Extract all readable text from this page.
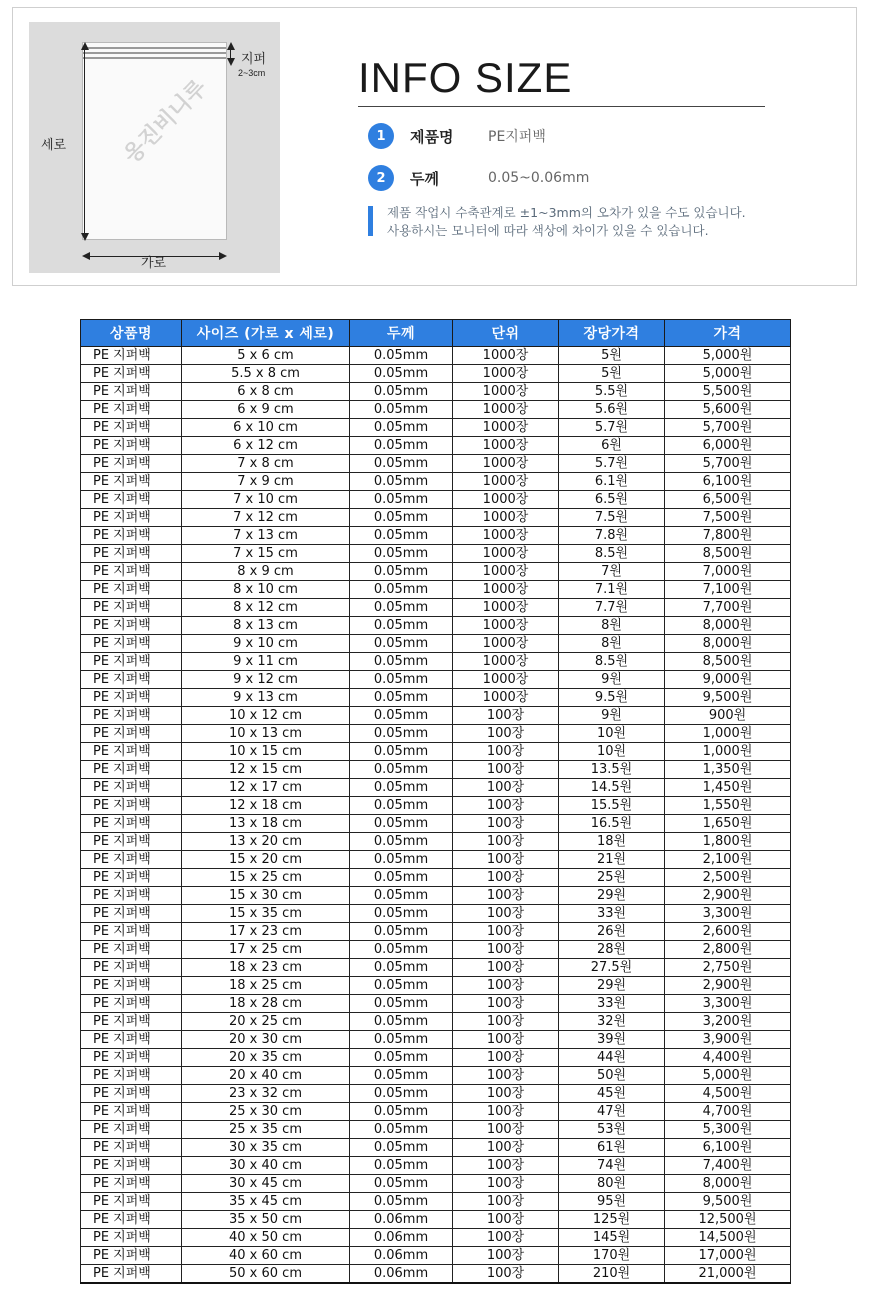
옹진비니루
지퍼
2~3cm
세로
가로
INFO SIZE
1	제품명	PE지퍼백
2	두께	0.05~0.06mm
제품 작업시 수축관계로 ±1~3mm의 오차가 있을 수도 있습니다.
사용하시는 모니터에 따라 색상에 차이가 있을 수 있습니다.
상품명	사이즈 (가로 x 세로)	두께	단위	장당가격	가격
PE 지퍼백	5 x 6 cm	0.05mm	1000장	5원	5,000원
PE 지퍼백	5.5 x 8 cm	0.05mm	1000장	5원	5,000원
PE 지퍼백	6 x 8 cm	0.05mm	1000장	5.5원	5,500원
PE 지퍼백	6 x 9 cm	0.05mm	1000장	5.6원	5,600원
PE 지퍼백	6 x 10 cm	0.05mm	1000장	5.7원	5,700원
PE 지퍼백	6 x 12 cm	0.05mm	1000장	6원	6,000원
PE 지퍼백	7 x 8 cm	0.05mm	1000장	5.7원	5,700원
PE 지퍼백	7 x 9 cm	0.05mm	1000장	6.1원	6,100원
PE 지퍼백	7 x 10 cm	0.05mm	1000장	6.5원	6,500원
PE 지퍼백	7 x 12 cm	0.05mm	1000장	7.5원	7,500원
PE 지퍼백	7 x 13 cm	0.05mm	1000장	7.8원	7,800원
PE 지퍼백	7 x 15 cm	0.05mm	1000장	8.5원	8,500원
PE 지퍼백	8 x 9 cm	0.05mm	1000장	7원	7,000원
PE 지퍼백	8 x 10 cm	0.05mm	1000장	7.1원	7,100원
PE 지퍼백	8 x 12 cm	0.05mm	1000장	7.7원	7,700원
PE 지퍼백	8 x 13 cm	0.05mm	1000장	8원	8,000원
PE 지퍼백	9 x 10 cm	0.05mm	1000장	8원	8,000원
PE 지퍼백	9 x 11 cm	0.05mm	1000장	8.5원	8,500원
PE 지퍼백	9 x 12 cm	0.05mm	1000장	9원	9,000원
PE 지퍼백	9 x 13 cm	0.05mm	1000장	9.5원	9,500원
PE 지퍼백	10 x 12 cm	0.05mm	100장	9원	900원
PE 지퍼백	10 x 13 cm	0.05mm	100장	10원	1,000원
PE 지퍼백	10 x 15 cm	0.05mm	100장	10원	1,000원
PE 지퍼백	12 x 15 cm	0.05mm	100장	13.5원	1,350원
PE 지퍼백	12 x 17 cm	0.05mm	100장	14.5원	1,450원
PE 지퍼백	12 x 18 cm	0.05mm	100장	15.5원	1,550원
PE 지퍼백	13 x 18 cm	0.05mm	100장	16.5원	1,650원
PE 지퍼백	13 x 20 cm	0.05mm	100장	18원	1,800원
PE 지퍼백	15 x 20 cm	0.05mm	100장	21원	2,100원
PE 지퍼백	15 x 25 cm	0.05mm	100장	25원	2,500원
PE 지퍼백	15 x 30 cm	0.05mm	100장	29원	2,900원
PE 지퍼백	15 x 35 cm	0.05mm	100장	33원	3,300원
PE 지퍼백	17 x 23 cm	0.05mm	100장	26원	2,600원
PE 지퍼백	17 x 25 cm	0.05mm	100장	28원	2,800원
PE 지퍼백	18 x 23 cm	0.05mm	100장	27.5원	2,750원
PE 지퍼백	18 x 25 cm	0.05mm	100장	29원	2,900원
PE 지퍼백	18 x 28 cm	0.05mm	100장	33원	3,300원
PE 지퍼백	20 x 25 cm	0.05mm	100장	32원	3,200원
PE 지퍼백	20 x 30 cm	0.05mm	100장	39원	3,900원
PE 지퍼백	20 x 35 cm	0.05mm	100장	44원	4,400원
PE 지퍼백	20 x 40 cm	0.05mm	100장	50원	5,000원
PE 지퍼백	23 x 32 cm	0.05mm	100장	45원	4,500원
PE 지퍼백	25 x 30 cm	0.05mm	100장	47원	4,700원
PE 지퍼백	25 x 35 cm	0.05mm	100장	53원	5,300원
PE 지퍼백	30 x 35 cm	0.05mm	100장	61원	6,100원
PE 지퍼백	30 x 40 cm	0.05mm	100장	74원	7,400원
PE 지퍼백	30 x 45 cm	0.05mm	100장	80원	8,000원
PE 지퍼백	35 x 45 cm	0.05mm	100장	95원	9,500원
PE 지퍼백	35 x 50 cm	0.06mm	100장	125원	12,500원
PE 지퍼백	40 x 50 cm	0.06mm	100장	145원	14,500원
PE 지퍼백	40 x 60 cm	0.06mm	100장	170원	17,000원
PE 지퍼백	50 x 60 cm	0.06mm	100장	210원	21,000원
